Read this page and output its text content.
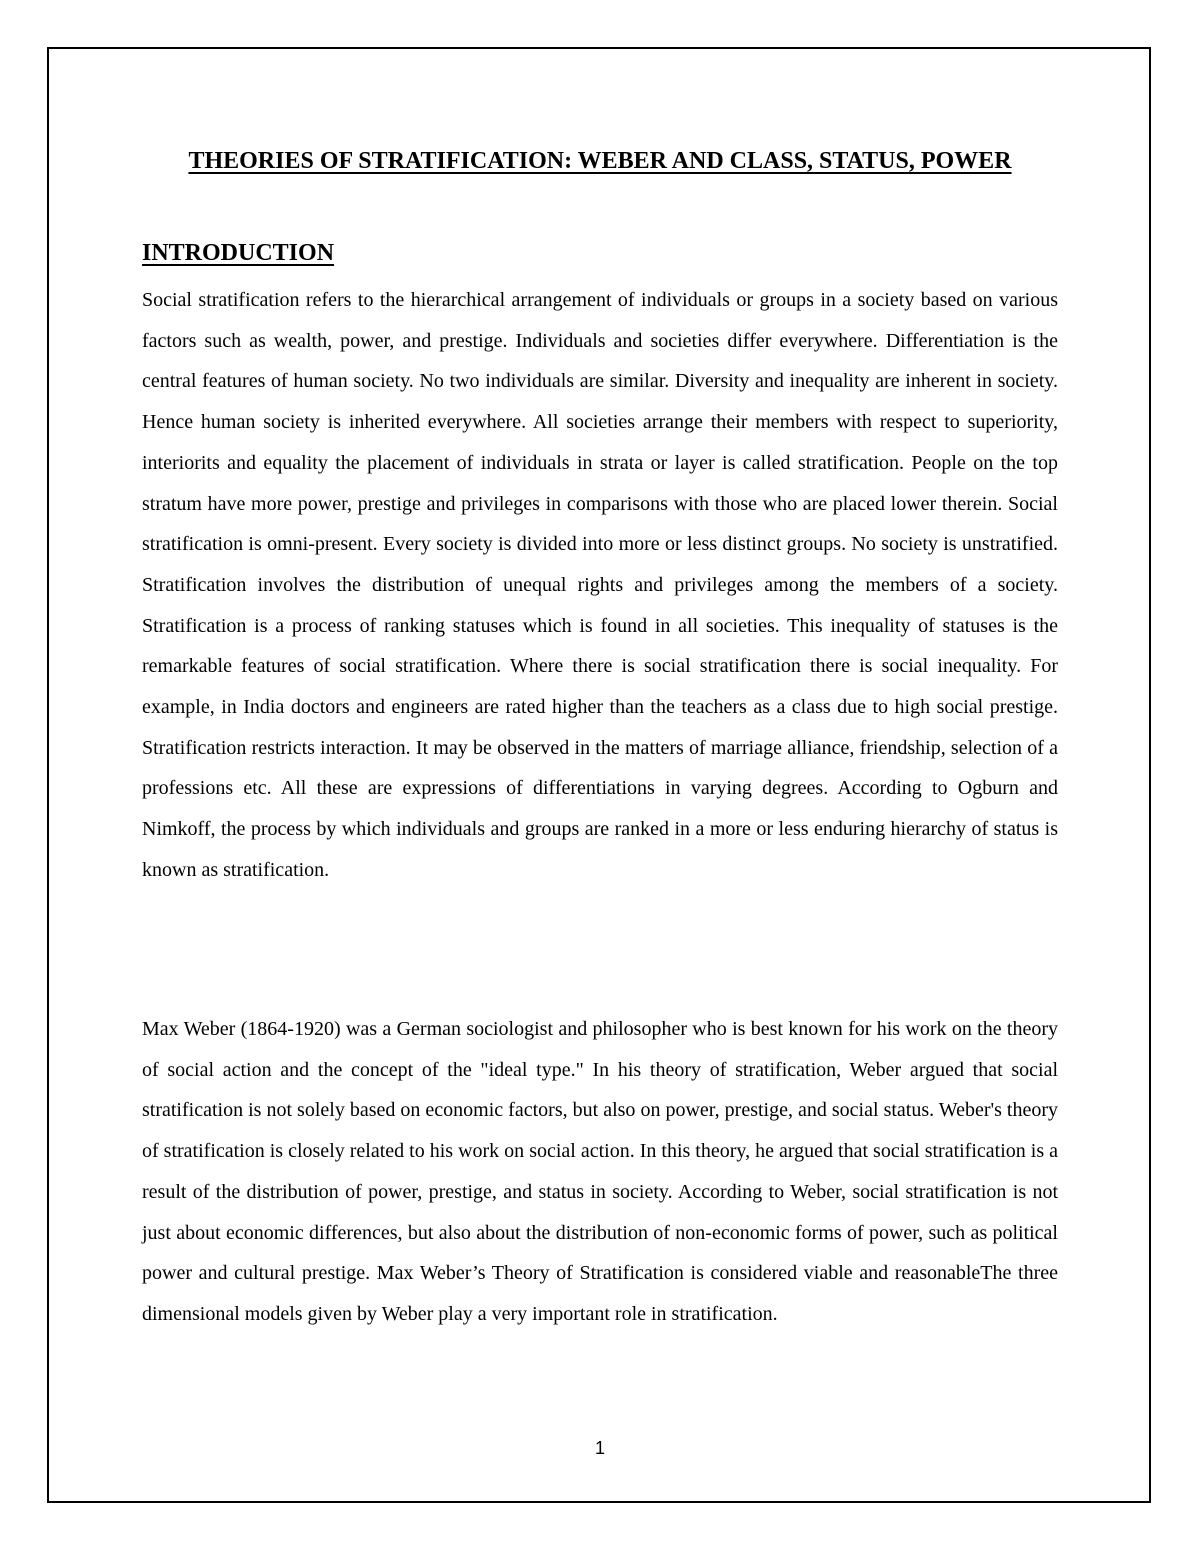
THEORIES OF STRATIFICATION: WEBER AND CLASS, STATUS, POWER
INTRODUCTION

Social stratification refers to the hierarchical arrangement of individuals or groups in a society based on various factors such as wealth, power, and prestige. Individuals and societies differ everywhere. Differentiation is the central features of human society. No two individuals are similar. Diversity and inequality are inherent in society. Hence human society is inherited everywhere. All societies arrange their members with respect to superiority, interiorits and equality the placement of individuals in strata or layer is called stratification. People on the top stratum have more power, prestige and privileges in comparisons with those who are placed lower therein. Social stratification is omni-present. Every society is divided into more or less distinct groups. No society is unstratified. Stratification involves the distribution of unequal rights and privileges among the members of a society. Stratification is a process of ranking statuses which is found in all societies. This inequality of statuses is the remarkable features of social stratification. Where there is social stratification there is social inequality. For example, in India doctors and engineers are rated higher than the teachers as a class due to high social prestige. Stratification restricts interaction. It may be observed in the matters of marriage alliance, friendship, selection of a professions etc. All these are expressions of differentiations in varying degrees. According to Ogburn and Nimkoff, the process by which individuals and groups are ranked in a more or less enduring hierarchy of status is known as stratification.

Max Weber (1864-1920) was a German sociologist and philosopher who is best known for his work on the theory of social action and the concept of the "ideal type." In his theory of stratification, Weber argued that social stratification is not solely based on economic factors, but also on power, prestige, and social status. Weber's theory of stratification is closely related to his work on social action. In this theory, he argued that social stratification is a result of the distribution of power, prestige, and status in society. According to Weber, social stratification is not just about economic differences, but also about the distribution of non-economic forms of power, such as political power and cultural prestige. Max Weber’s Theory of Stratification is considered viable and reasonableThe three dimensional models given by Weber play a very important role in stratification.

1
